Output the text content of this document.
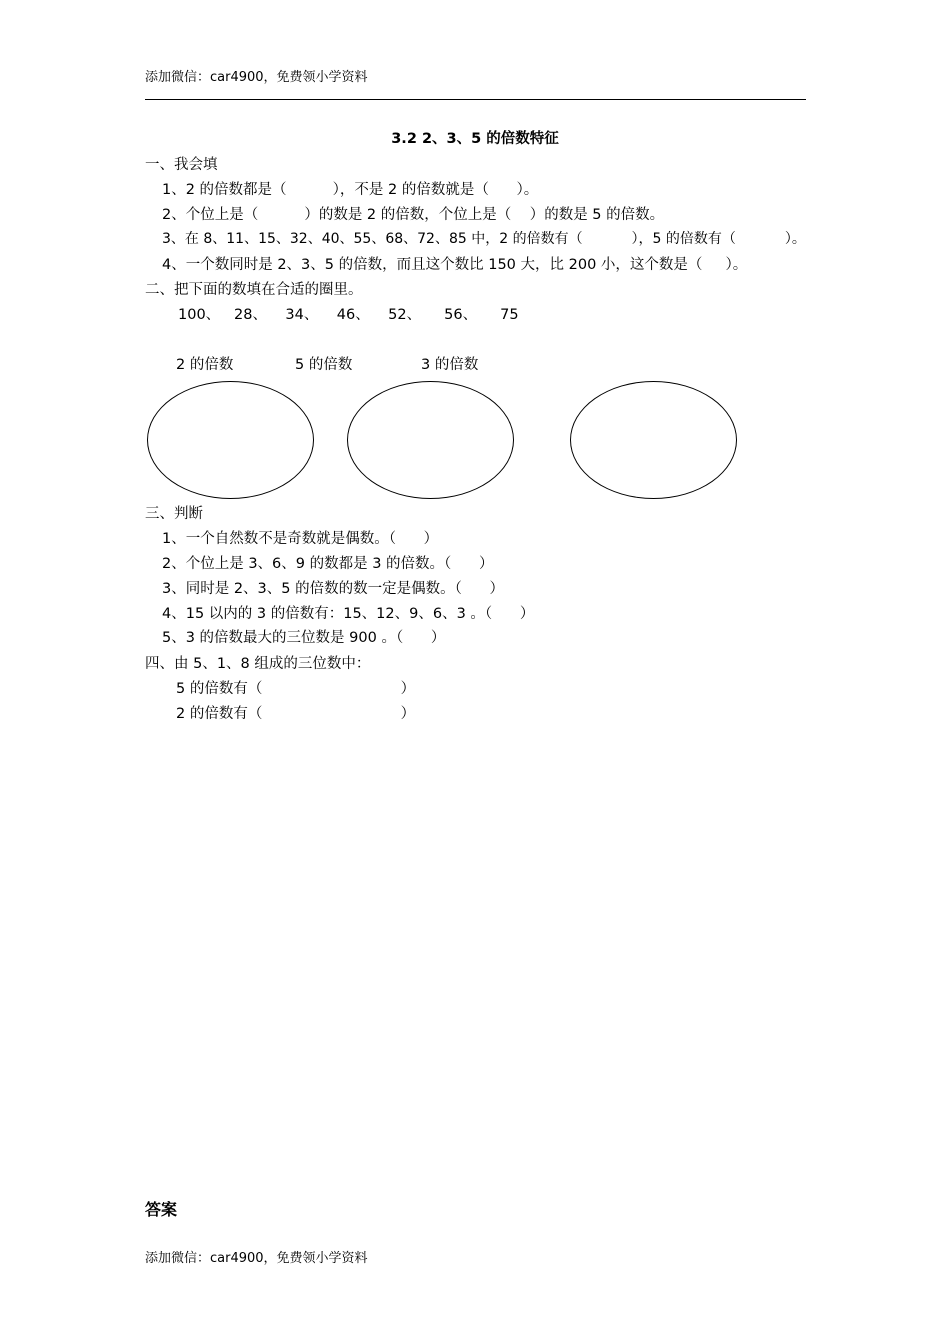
添加微信：car4900，免费领小学资料
3.2 2、3、5 的倍数特征
一、我会填
1、2 的倍数都是（          ），不是 2 的倍数就是（      ）。
2、个位上是（          ）的数是 2 的倍数，个位上是（    ）的数是 5 的倍数。
3、在 8、11、15、32、40、55、68、72、85 中，2 的倍数有（           ），5 的倍数有（           ）。
4、一个数同时是 2、3、5 的倍数，而且这个数比 150 大，比 200 小，这个数是（     ）。
二、把下面的数填在合适的圈里。
100、   28、    34、    46、    52、     56、     75
2 的倍数	5 的倍数	3 的倍数
三、判断
1、一个自然数不是奇数就是偶数。（      ）
2、个位上是 3、6、9 的数都是 3 的倍数。（      ）
3、同时是 2、3、5 的倍数的数一定是偶数。（      ）
4、15 以内的 3 的倍数有：15、12、9、6、3 。（      ）
5、3 的倍数最大的三位数是 900 。（      ）
四、由 5、1、8 组成的三位数中：
5 的倍数有（                              ）
2 的倍数有（                              ）
答案
添加微信：car4900，免费领小学资料
